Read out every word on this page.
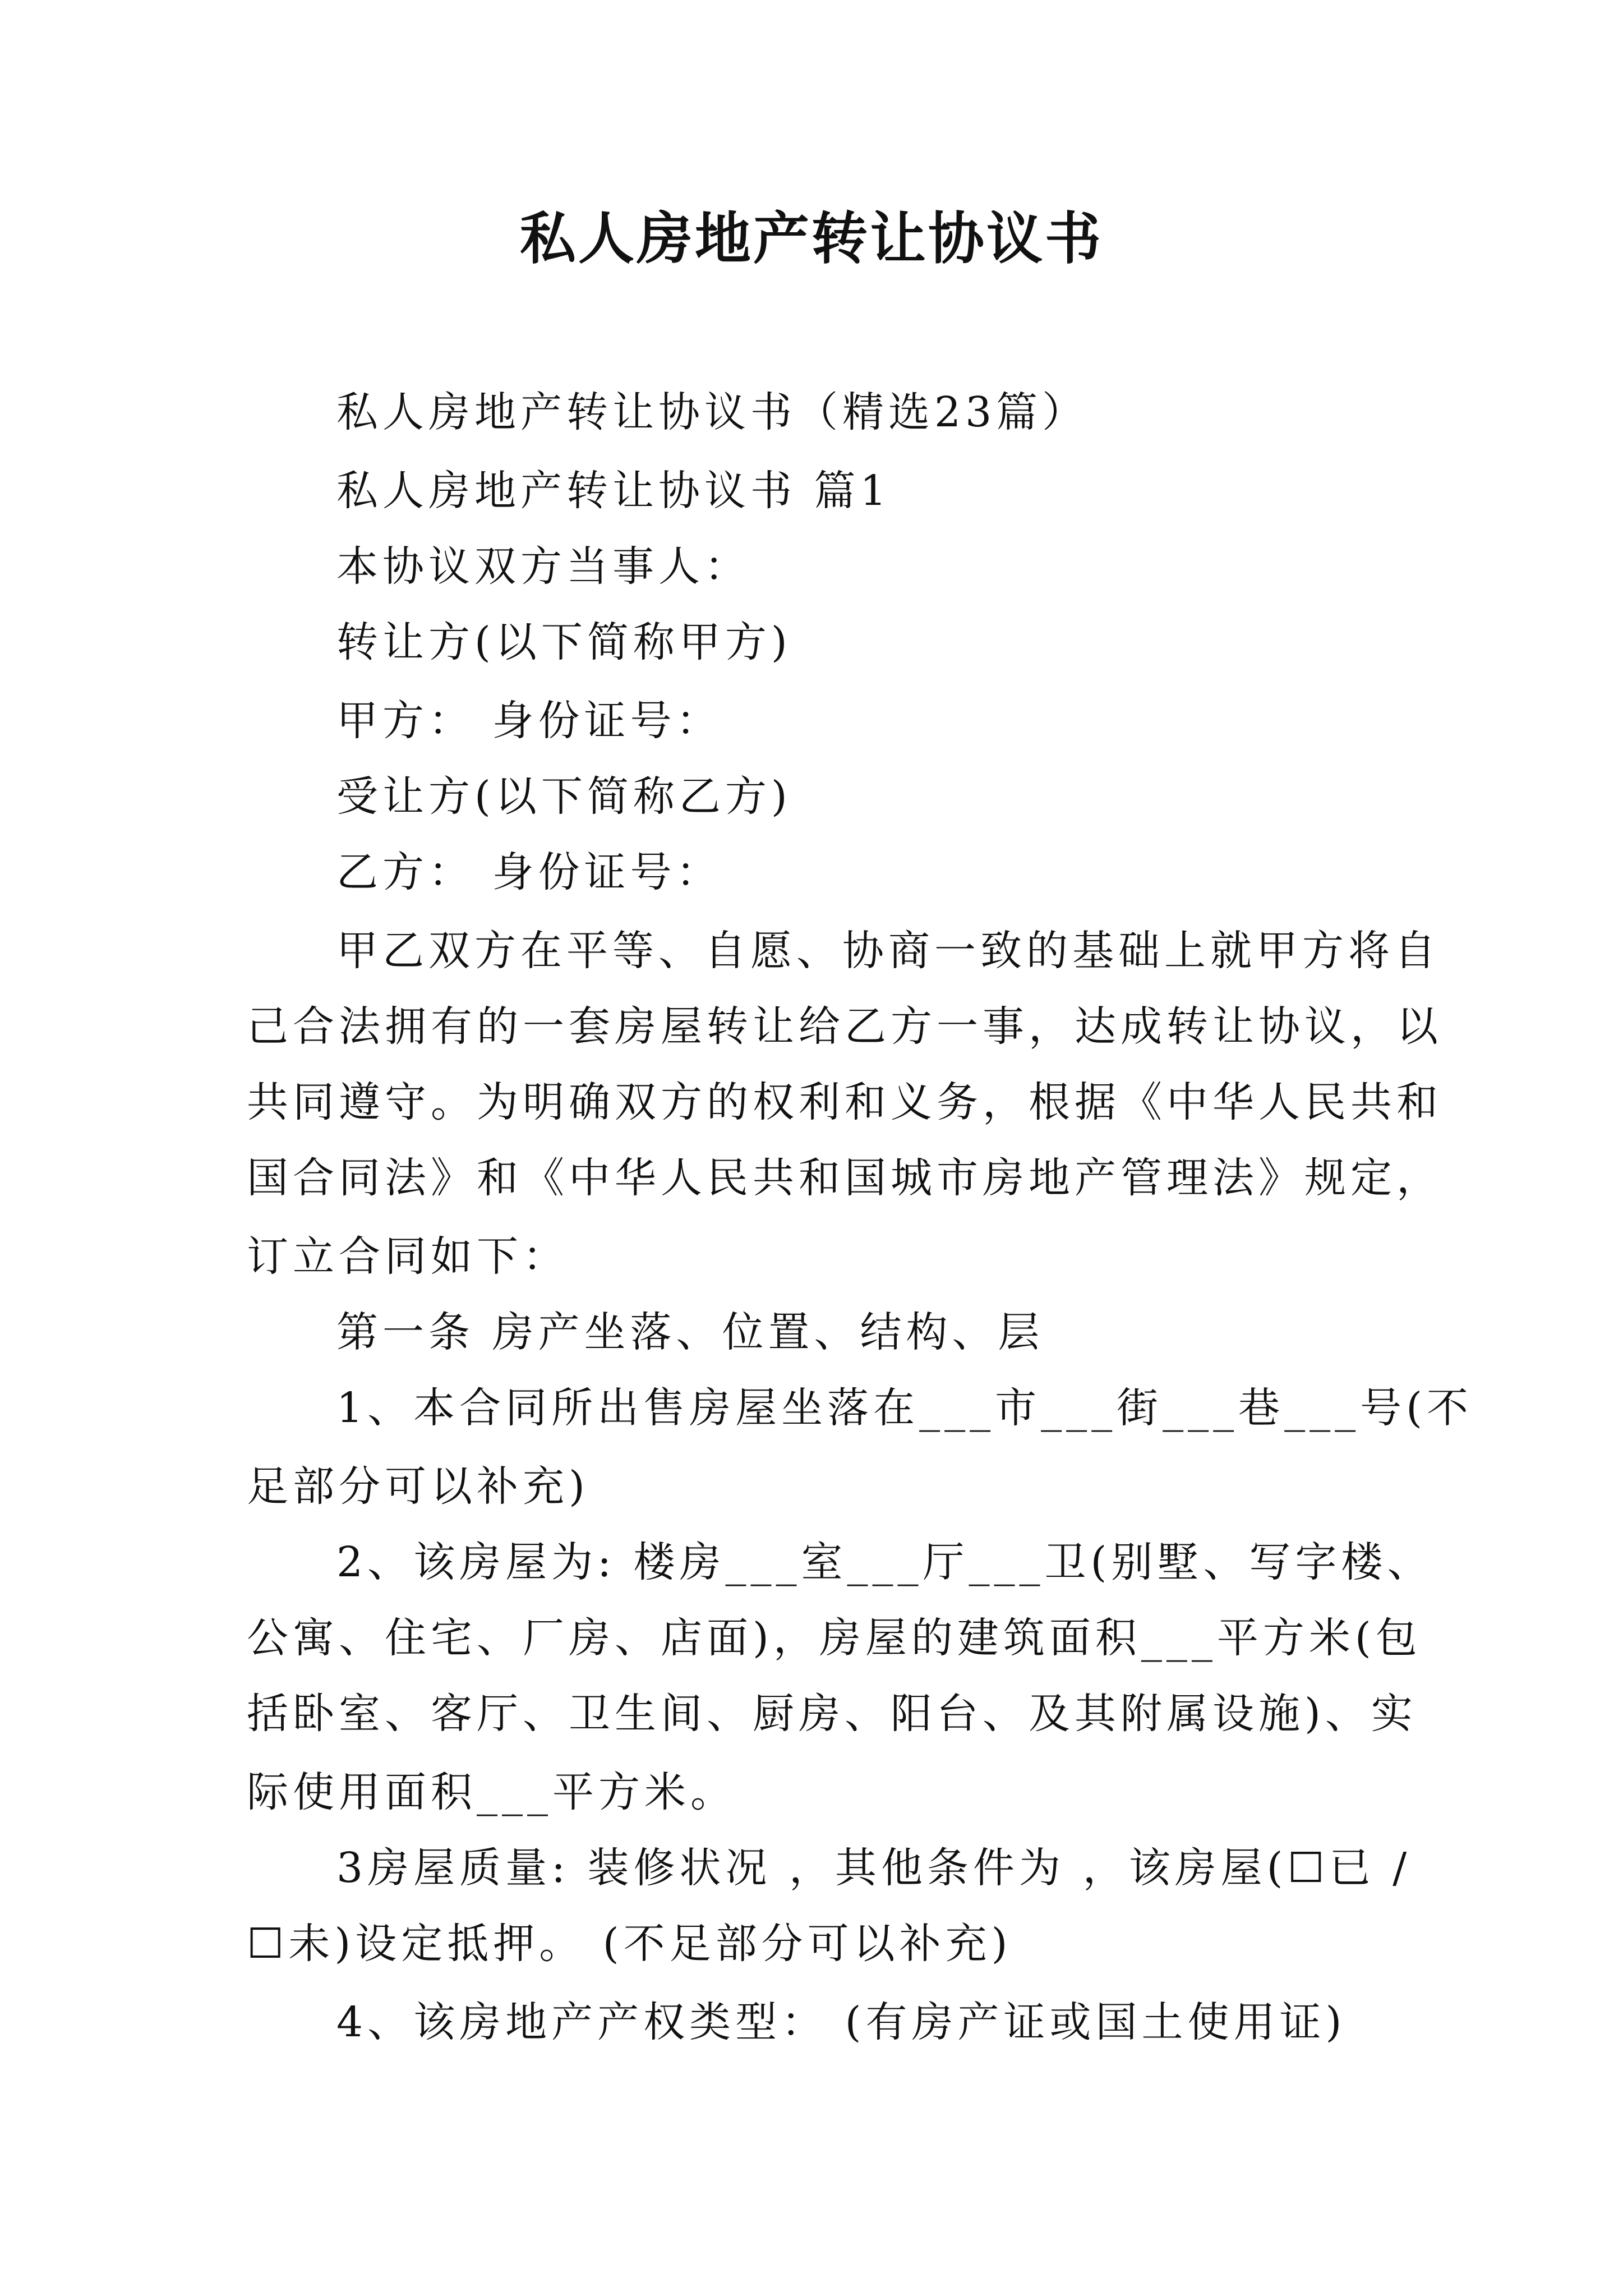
私人房地产转让协议书
私人房地产转让协议书（精选23篇）
私人房地产转让协议书 篇1
本协议双方当事人：
转让方(以下简称甲方)
甲方： 身份证号：
受让方(以下简称乙方)
乙方： 身份证号：
甲乙双方在平等、自愿、协商一致的基础上就甲方将自
己合法拥有的一套房屋转让给乙方一事，达成转让协议，以
共同遵守。为明确双方的权利和义务，根据《中华人民共和
国合同法》和《中华人民共和国城市房地产管理法》规定，
订立合同如下：
第一条 房产坐落、位置、结构、层
1、本合同所出售房屋坐落在___市___街___巷___号(不
足部分可以补充)
2、该房屋为: 楼房___室___厅___卫(别墅、写字楼、
公寓、住宅、厂房、店面)，房屋的建筑面积___平方米(包
括卧室、客厅、卫生间、厨房、阳台、及其附属设施)、实
际使用面积___平方米。
3房屋质量: 装修状况 ，其他条件为 ，该房屋(☐已 /
☐未)设定抵押。 (不足部分可以补充)
4、该房地产产权类型： (有房产证或国土使用证)
